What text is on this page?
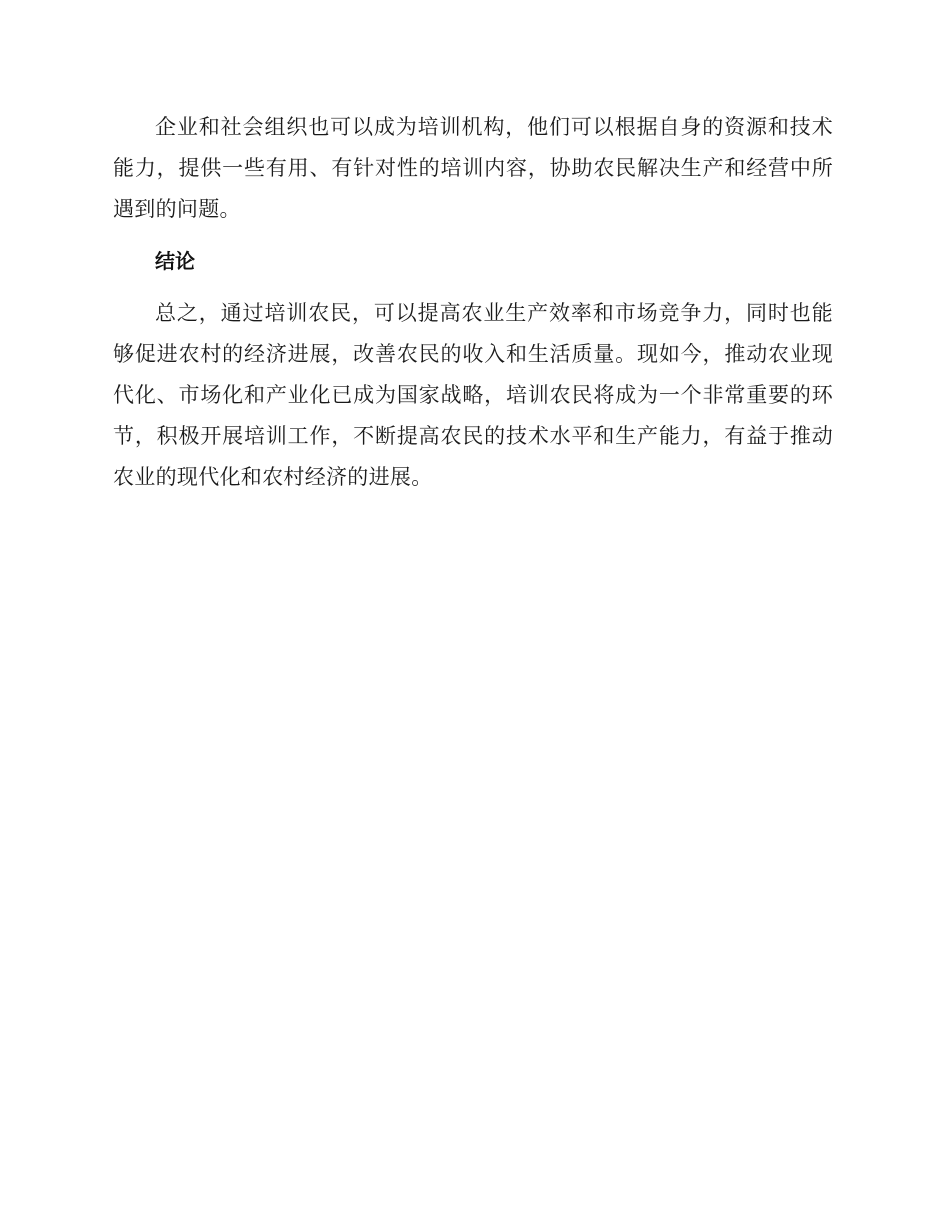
企业和社会组织也可以成为培训机构，他们可以根据自身的资源和技术能力，提供一些有用、有针对性的培训内容，协助农民解决生产和经营中所遇到的问题。

结论

总之，通过培训农民，可以提高农业生产效率和市场竞争力，同时也能够促进农村的经济进展，改善农民的收入和生活质量。现如今，推动农业现代化、市场化和产业化已成为国家战略，培训农民将成为一个非常重要的环节，积极开展培训工作，不断提高农民的技术水平和生产能力，有益于推动农业的现代化和农村经济的进展。
